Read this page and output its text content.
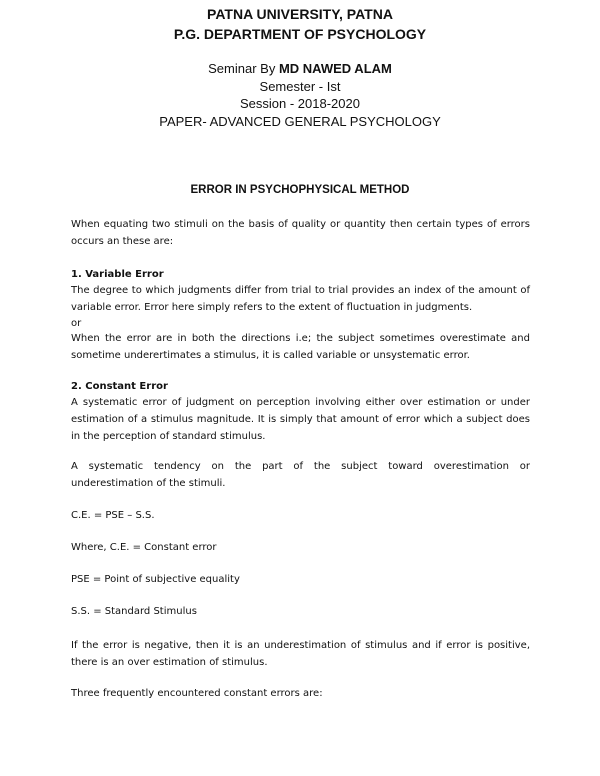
PATNA UNIVERSITY, PATNA
P.G. DEPARTMENT OF PSYCHOLOGY
Seminar By MD NAWED ALAM
Semester - Ist
Session - 2018-2020
PAPER- ADVANCED GENERAL PSYCHOLOGY
ERROR IN PSYCHOPHYSICAL METHOD

When equating two stimuli on the basis of quality or quantity then certain types of errors occurs an these are:

1. Variable Error

The degree to which judgments differ from trial to trial provides an index of the amount of variable error. Error here simply refers to the extent of fluctuation in judgments.

or

When the error are in both the directions i.e; the subject sometimes overestimate and sometime underertimates a stimulus, it is called variable or unsystematic error.

2. Constant Error

A systematic error of judgment on perception involving either over estimation or under estimation of a stimulus magnitude. It is simply that amount of error which a subject does in the perception of standard stimulus.

A systematic tendency on the part of the subject toward overestimation or underestimation of the stimuli.

C.E. = PSE – S.S.

Where, C.E. = Constant error

PSE = Point of subjective equality

S.S. = Standard Stimulus

If the error is negative, then it is an underestimation of stimulus and if error is positive, there is an over estimation of stimulus.

Three frequently encountered constant errors are:
